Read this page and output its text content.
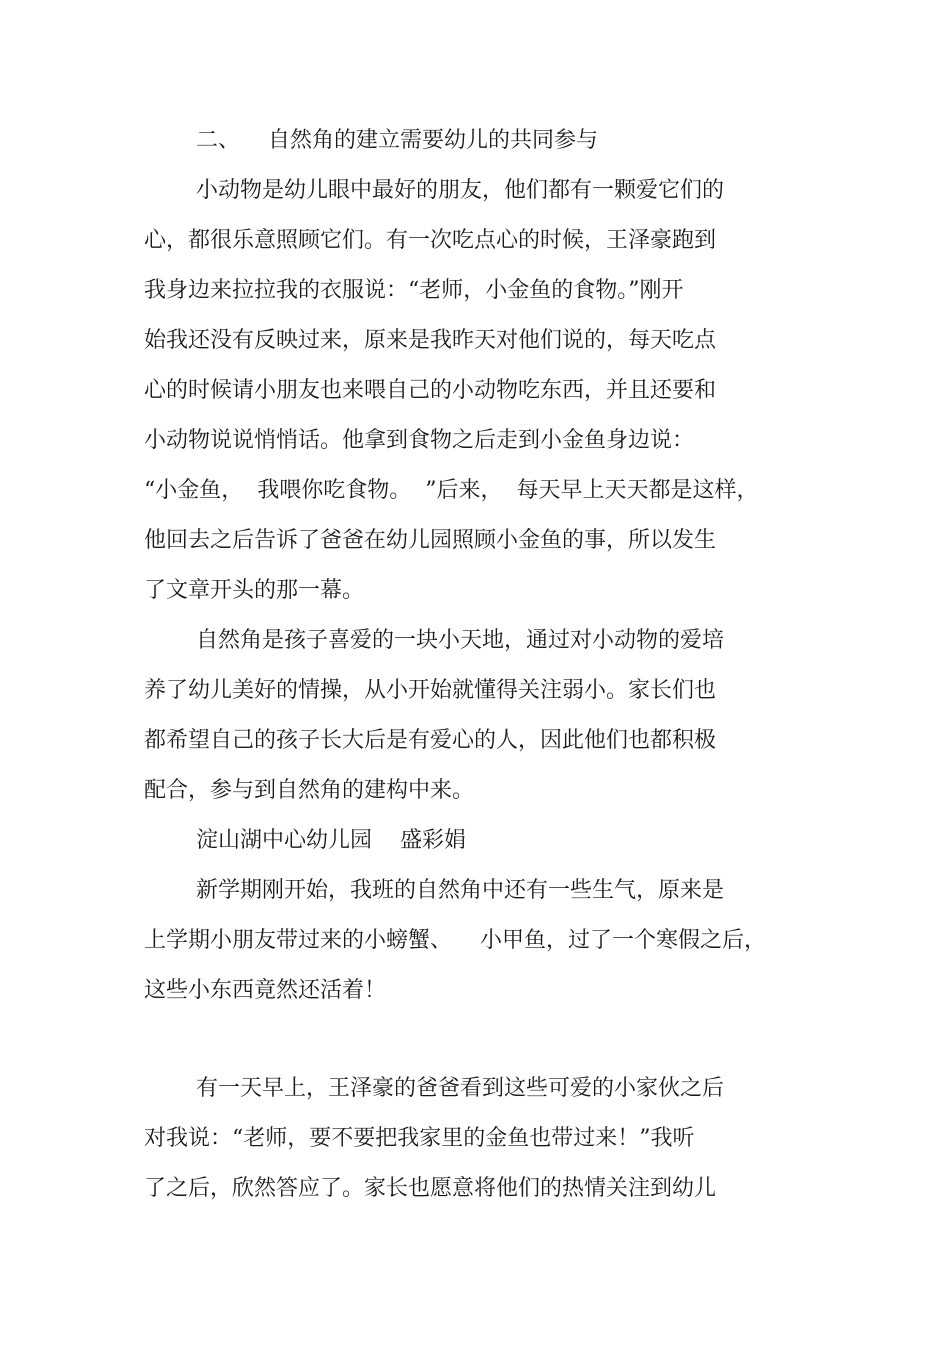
二、    自然角的建立需要幼儿的共同参与
小动物是幼儿眼中最好的朋友，他们都有一颗爱它们的
心，都很乐意照顾它们。有一次吃点心的时候，王泽豪跑到
我身边来拉拉我的衣服说：“老师，小金鱼的食物。”刚开
始我还没有反映过来，原来是我昨天对他们说的，每天吃点
心的时候请小朋友也来喂自己的小动物吃东西，并且还要和
小动物说说悄悄话。他拿到食物之后走到小金鱼身边说：
“小金鱼，  我喂你吃食物。  ”后来，  每天早上天天都是这样，
他回去之后告诉了爸爸在幼儿园照顾小金鱼的事，所以发生
了文章开头的那一幕。
自然角是孩子喜爱的一块小天地，通过对小动物的爱培
养了幼儿美好的情操，从小开始就懂得关注弱小。家长们也
都希望自己的孩子长大后是有爱心的人，因此他们也都积极
配合，参与到自然角的建构中来。
淀山湖中心幼儿园    盛彩娟
新学期刚开始，我班的自然角中还有一些生气，原来是
上学期小朋友带过来的小螃蟹、    小甲鱼，过了一个寒假之后，
这些小东西竟然还活着！
有一天早上，王泽豪的爸爸看到这些可爱的小家伙之后
对我说：“老师，要不要把我家里的金鱼也带过来！”我听
了之后，欣然答应了。家长也愿意将他们的热情关注到幼儿
